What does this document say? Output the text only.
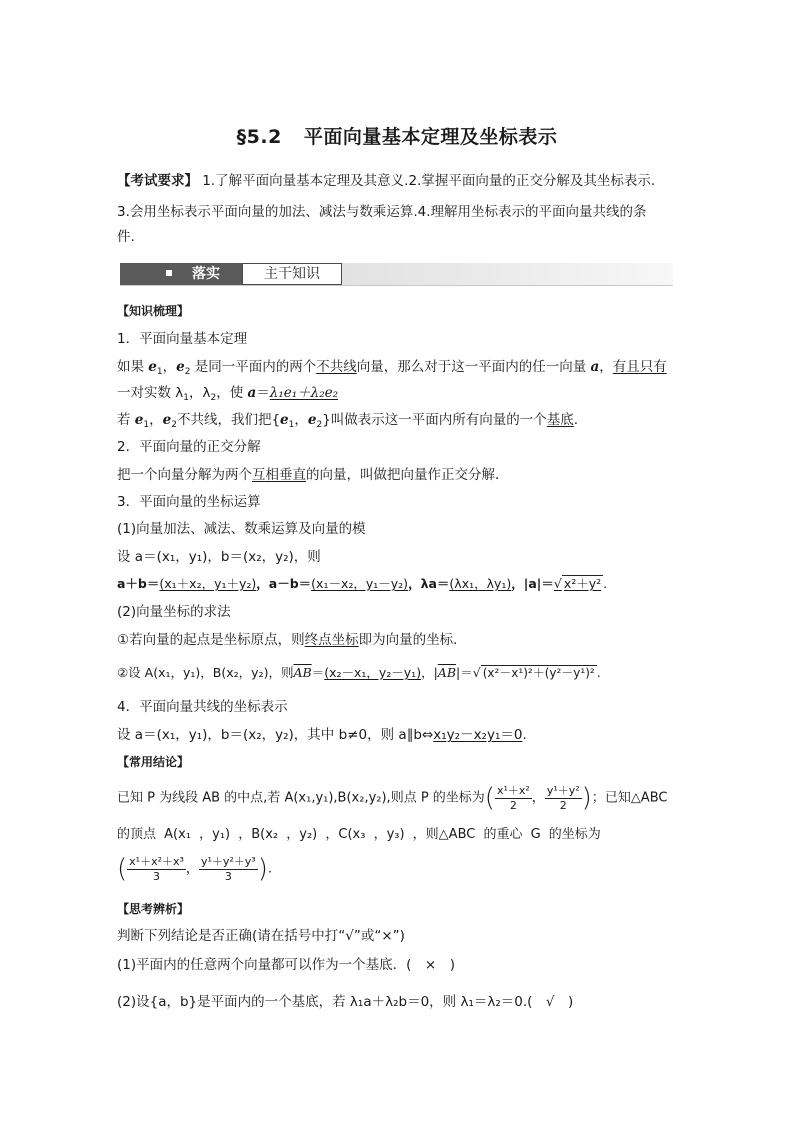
§5.2 平面向量基本定理及坐标表示
【考试要求】 1.了解平面向量基本定理及其意义.2.掌握平面向量的正交分解及其坐标表示.
3.会用坐标表示平面向量的加法、减法与数乘运算.4.理解用坐标表示的平面向量共线的条
件.
落实	主干知识
【知识梳理】
1．平面向量基本定理
如果 $e_1$，$e_2$ 是同一平面内的两个不共线向量，那么对于这一平面内的任一向量 a，有且只有
一对实数 $\lambda_1$，$\lambda_2$，使 a＝λ₁e₁＋λ₂e₂
若 $e_1$，$e_2$不共线，我们把{$e_1$，$e_2$}叫做表示这一平面内所有向量的一个基底.
2．平面向量的正交分解
把一个向量分解为两个互相垂直的向量，叫做把向量作正交分解．
3．平面向量的坐标运算
(1)向量加法、减法、数乘运算及向量的模
设 a＝(x₁，y₁)，b＝(x₂，y₂)，则
a＋b＝(x₁＋x₂，y₁＋y₂)，a－b＝(x₁－x₂，y₁－y₂)，λa＝(λx₁，λy₁)，|a|＝√ x²＋y² .
(2)向量坐标的求法
①若向量的起点是坐标原点，则终点坐标即为向量的坐标．
②设 A(x₁，y₁)，B(x₂，y₂)，则$\overline{AB}=(x_2-x_1$，y₂－y₁)，$|\overline{AB}|=√$ (x²－x¹)²＋(y²－y¹)² .
4．平面向量共线的坐标表示
设 a＝(x₁，y₁)，b＝(x₂，y₂)，其中 b≠0，则 a∥b⇔x₁y₂－x₂y₁＝0.
【常用结论】
已知 P 为线段 AB 的中点,若 A(x₁,y₁),B(x₂,y₂),则点 P 的坐标为( $\frac{\text{x¹＋x²}}{2}$ ， $\frac{\text{y¹＋y²}}{2}$ )；已知△ABC
的顶点 A(x₁ ，y₁) ，B(x₂ ，y₂) ，C(x₃ ，y₃) ，则△ABC 的重心 G 的坐标为
( $\frac{\text{x¹＋x²＋x³}}{3}$ ， $\frac{\text{y¹＋y²＋y³}}{3}$ ).
【思考辨析】
判断下列结论是否正确(请在括号中打“√”或“×”)
(1)平面内的任意两个向量都可以作为一个基底．(　×　)
(2)设{a，b}是平面内的一个基底，若 λ₁a＋λ₂b＝0，则 λ₁＝λ₂＝0.(　√　)
